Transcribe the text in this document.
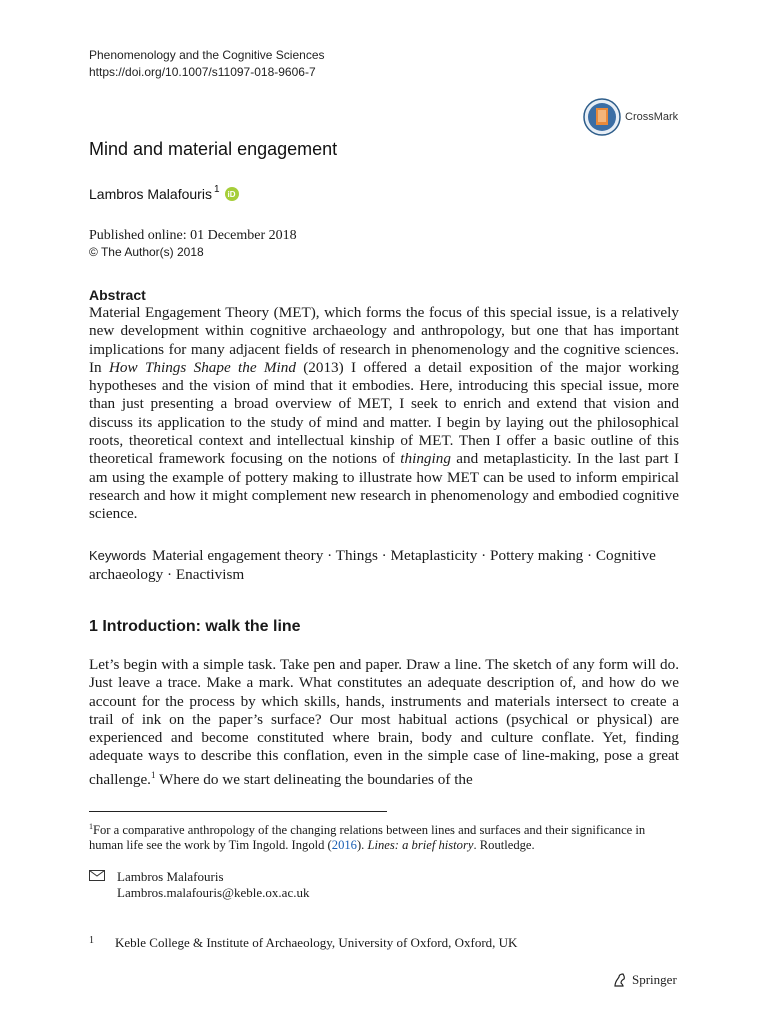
Phenomenology and the Cognitive Sciences
https://doi.org/10.1007/s11097-018-9606-7
CrossMark
Mind and material engagement
Lambros Malafouris$^1$	iD
Published online: 01 December 2018
© The Author(s) 2018
Abstract

Material Engagement Theory (MET), which forms the focus of this special issue, is a relatively new development within cognitive archaeology and anthropology, but one that has important implications for many adjacent fields of research in phenomenology and the cognitive sciences. In How Things Shape the Mind (2013) I offered a detail exposition of the major working hypotheses and the vision of mind that it embodies. Here, introducing this special issue, more than just presenting a broad overview of MET, I seek to enrich and extend that vision and discuss its application to the study of mind and matter. I begin by laying out the philosophical roots, theoretical context and intellectual kinship of MET. Then I offer a basic outline of this theoretical framework focusing on the notions of thinging and metaplasticity. In the last part I am using the example of pottery making to illustrate how MET can be used to inform empirical research and how it might complement new research in phenomenology and embodied cognitive science.

Keywords Material engagement theory · Things · Metaplasticity · Pottery making · Cognitive archaeology · Enactivism
1 Introduction: walk the line

Let’s begin with a simple task. Take pen and paper. Draw a line. The sketch of any form will do. Just leave a trace. Make a mark. What constitutes an adequate description of, and how do we account for the process by which skills, hands, instruments and materials intersect to create a trail of ink on the paper’s surface? Our most habitual actions (psychical or physical) are experienced and become constituted where brain, body and culture conflate. Yet, finding adequate ways to describe this conflation, even in the simple case of line-making, pose a great challenge.$^1$ Where do we start delineating the boundaries of the

$^1$For a comparative anthropology of the changing relations between lines and surfaces and their significance in human life see the work by Tim Ingold. Ingold (2016). Lines: a brief history. Routledge.
Lambros Malafouris
Lambros.malafouris@keble.ox.ac.uk
1	Keble College & Institute of Archaeology, University of Oxford, Oxford, UK
Springer
